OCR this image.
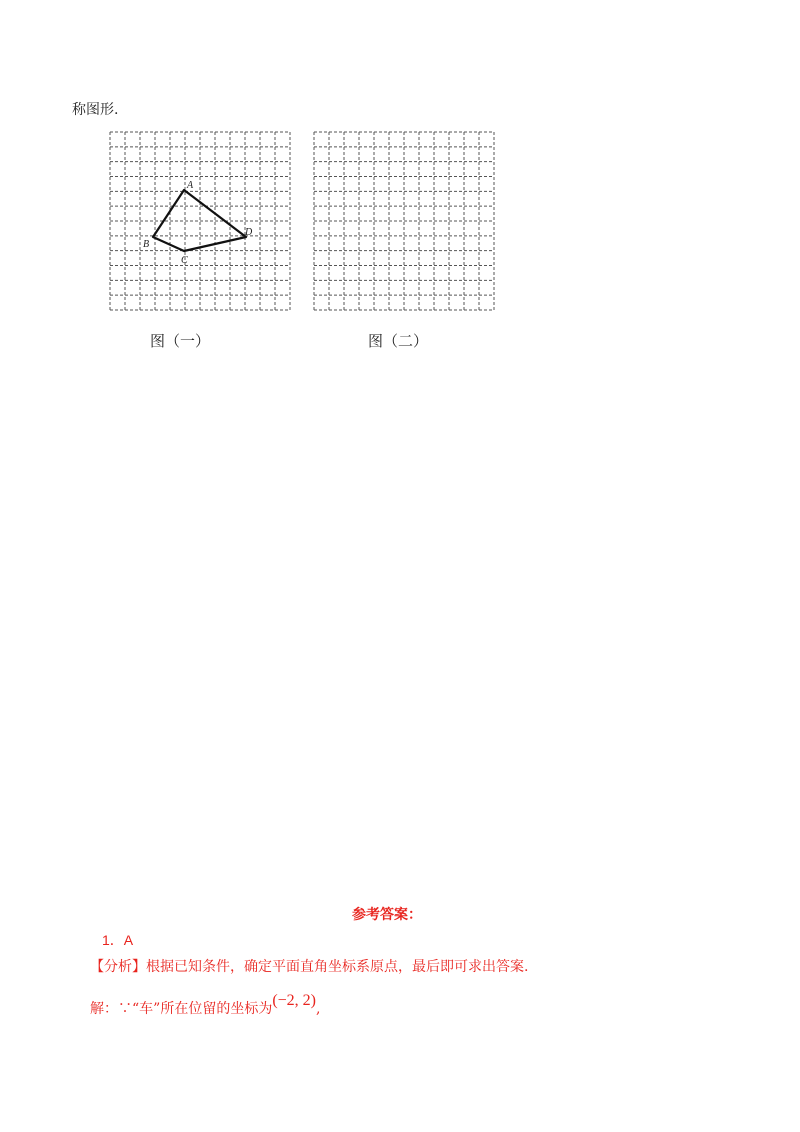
称图形.
A
B
C
D
图（一）	图（二）
参考答案：
1．A
【分析】根据已知条件，确定平面直角坐标系原点，最后即可求出答案.
解：∵“车”所在位留的坐标为(−2, 2),
